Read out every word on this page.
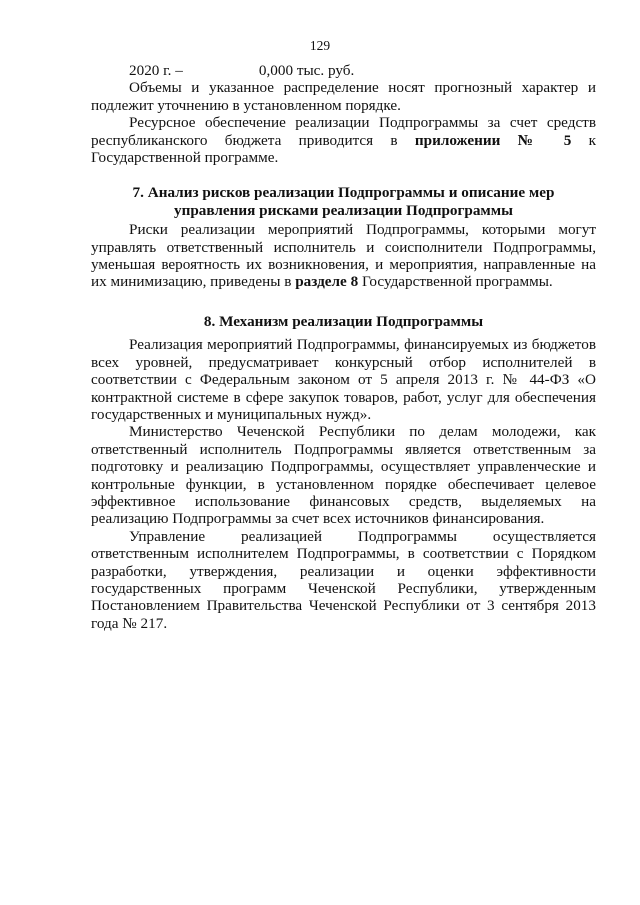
129

2020 г. –	0,000 тыс. руб.

Объемы и указанное распределение носят прогнозный характер и подлежит уточнению в установленном порядке.

Ресурсное обеспечение реализации Подпрограммы за счет средств республиканского бюджета приводится в приложении № 5 к Государственной программе.

7. Анализ рисков реализации Подпрограммы и описание мер

управления рисками реализации Подпрограммы

Риски реализации мероприятий Подпрограммы, которыми могут управлять ответственный исполнитель и соисполнители Подпрограммы, уменьшая вероятность их возникновения, и мероприятия, направленные на их минимизацию, приведены в разделе 8 Государственной программы.

8. Механизм реализации Подпрограммы

Реализация мероприятий Подпрограммы, финансируемых из бюджетов всех уровней, предусматривает конкурсный отбор исполнителей в соответствии с Федеральным законом от 5 апреля 2013 г. № 44-ФЗ «О контрактной системе в сфере закупок товаров, работ, услуг для обеспечения государственных и муниципальных нужд».

Министерство Чеченской Республики по делам молодежи, как ответственный исполнитель Подпрограммы является ответственным за подготовку и реализацию Подпрограммы, осуществляет управленческие и контрольные функции, в установленном порядке обеспечивает целевое эффективное использование финансовых средств, выделяемых на реализацию Подпрограммы за счет всех источников финансирования.

Управление реализацией Подпрограммы осуществляется ответственным исполнителем Подпрограммы, в соответствии с Порядком разработки, утверждения, реализации и оценки эффективности государственных программ Чеченской Республики, утвержденным Постановлением Правительства Чеченской Республики от 3 сентября 2013 года № 217.
